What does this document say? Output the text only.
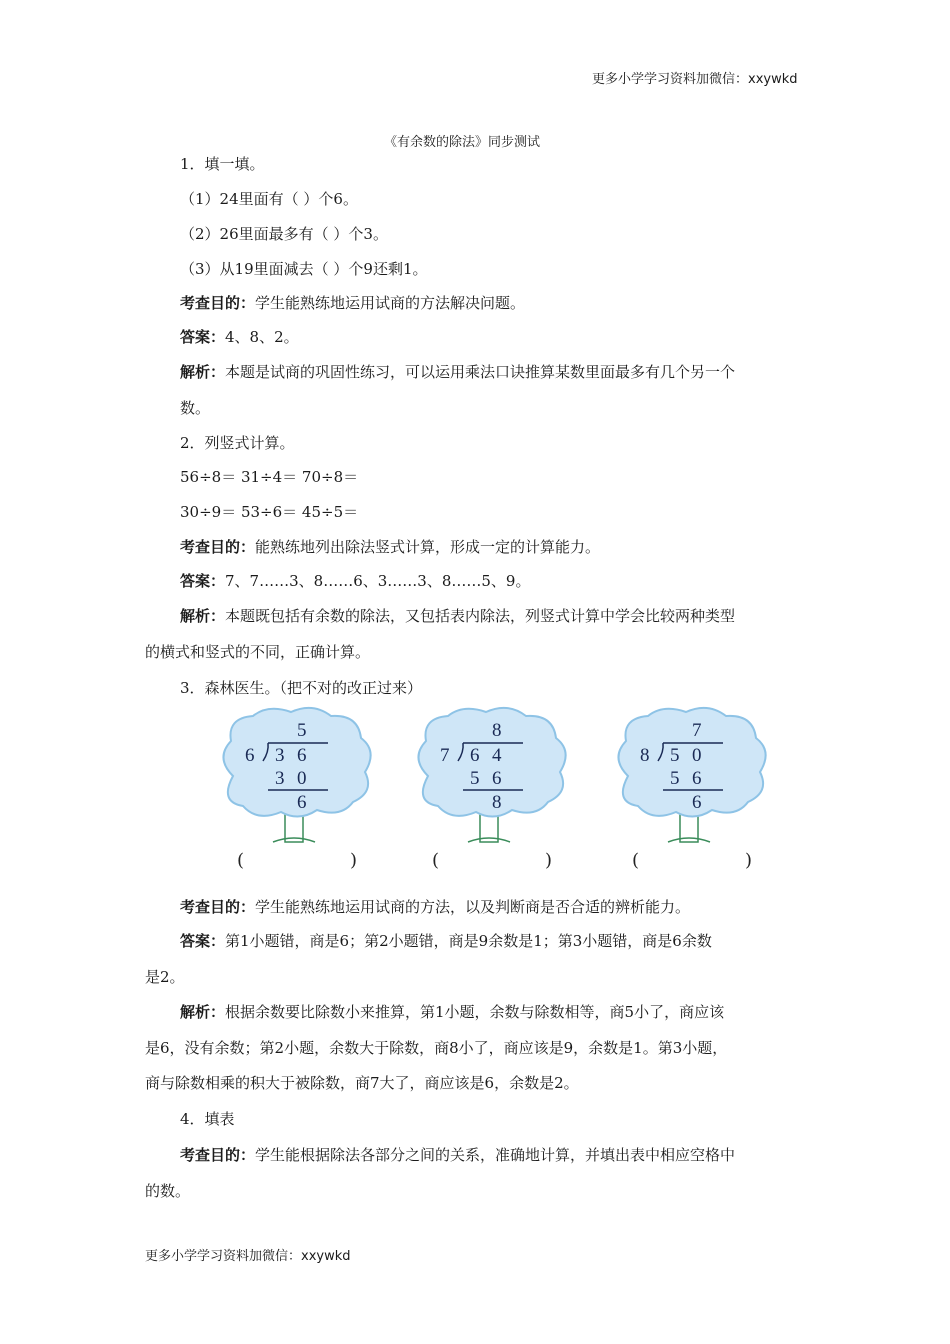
更多小学学习资料加微信：xxywkd
《有余数的除法》同步测试
1．填一填。
（1）24里面有（ ）个6。
（2）26里面最多有（ ）个3。
（3）从19里面减去（ ）个9还剩1。
考查目的：学生能熟练地运用试商的方法解决问题。
答案：4、8、2。
解析：本题是试商的巩固性练习，可以运用乘法口诀推算某数里面最多有几个另一个
数。
2．列竖式计算。
56÷8＝ 31÷4＝ 70÷8＝
30÷9＝ 53÷6＝ 45÷5＝
考查目的：能熟练地列出除法竖式计算，形成一定的计算能力。
答案：7、7……3、8……6、3……3、8……5、9。
解析：本题既包括有余数的除法，又包括表内除法，列竖式计算中学会比较两种类型
的横式和竖式的不同，正确计算。
3．森林医生。（把不对的改正过来）
5
6 3 6
3 0
6
(	)
8
7 6 4
5 6
8
(	)
7
8 5 0
5 6
6
(	)
考查目的：学生能熟练地运用试商的方法，以及判断商是否合适的辨析能力。
答案：第1小题错，商是6；第2小题错，商是9余数是1；第3小题错，商是6余数
是2。
解析：根据余数要比除数小来推算，第1小题，余数与除数相等，商5小了，商应该
是6，没有余数；第2小题，余数大于除数，商8小了，商应该是9，余数是1。第3小题，
商与除数相乘的积大于被除数，商7大了，商应该是6，余数是2。
4．填表
考查目的：学生能根据除法各部分之间的关系，准确地计算，并填出表中相应空格中
的数。
更多小学学习资料加微信：xxywkd
